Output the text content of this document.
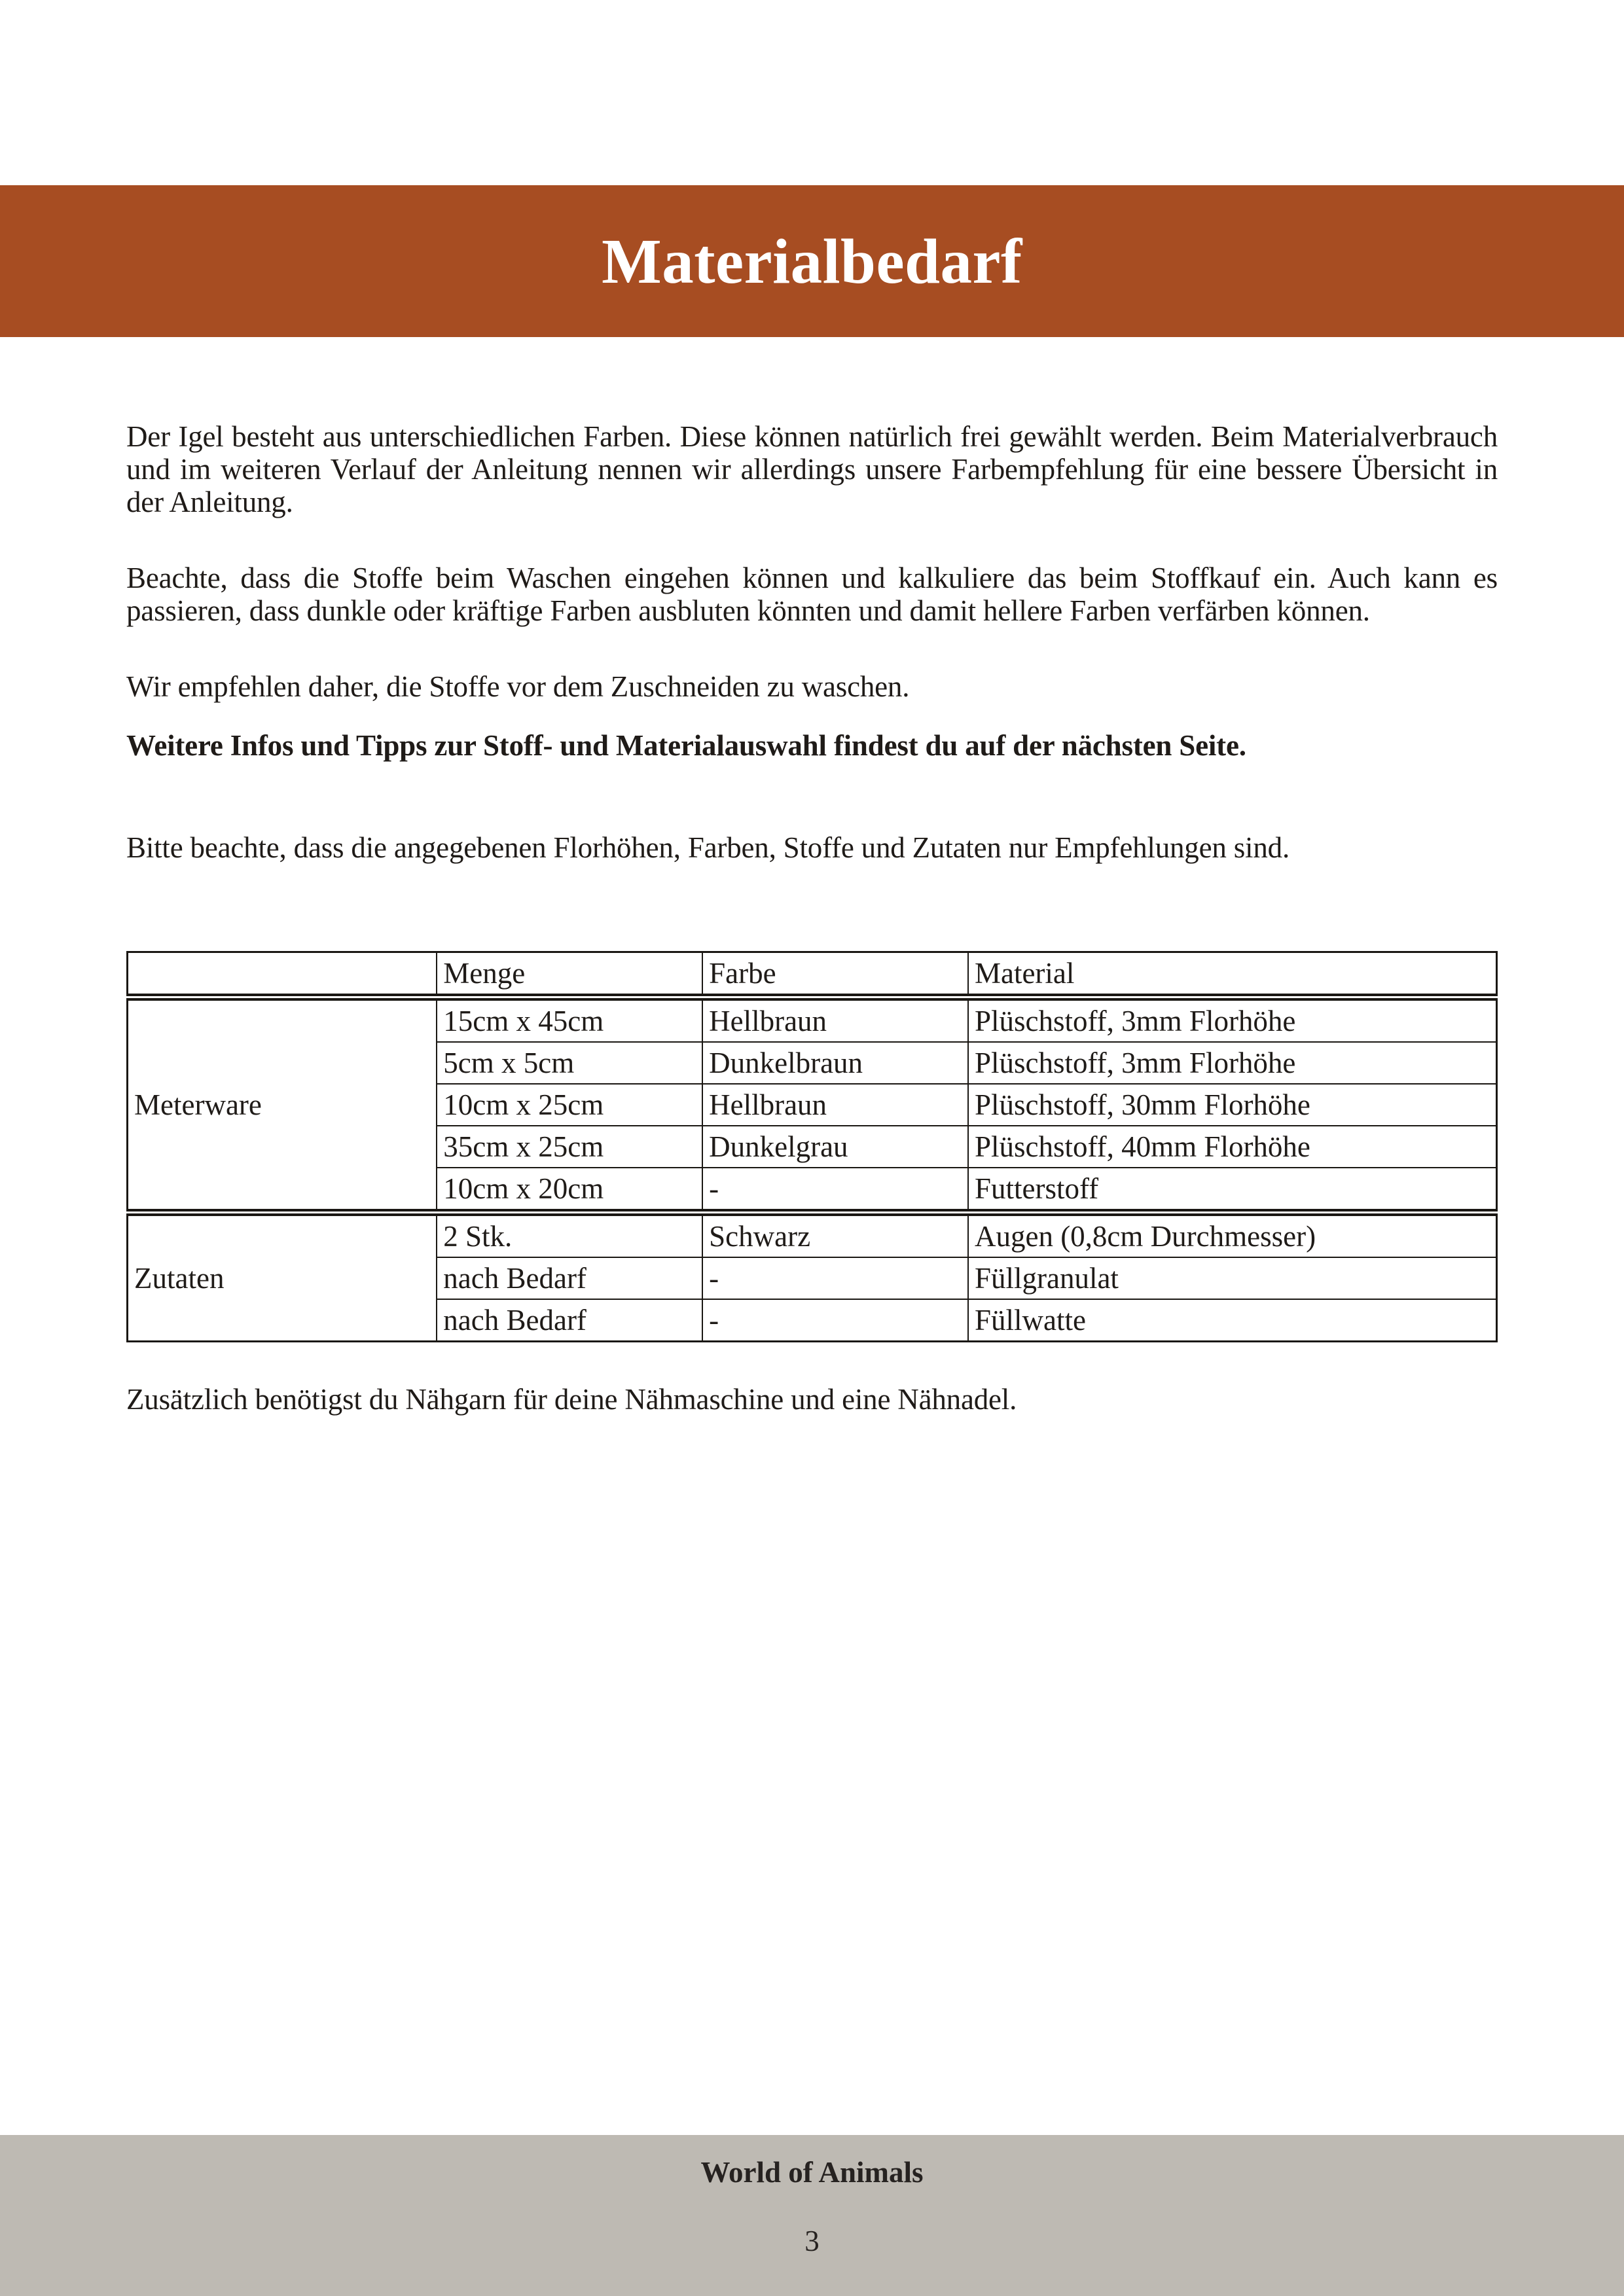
Materialbedarf

Der Igel besteht aus unterschiedlichen Farben. Diese können natürlich frei gewählt werden. Beim Materialverbrauch und im weiteren Verlauf der Anleitung nennen wir allerdings unsere Farbempfehlung für eine bessere Übersicht in der Anleitung.

Beachte, dass die Stoffe beim Waschen eingehen können und kalkuliere das beim Stoffkauf ein. Auch kann es passieren, dass dunkle oder kräftige Farben ausbluten könnten und damit hellere Farben verfärben können.

Wir empfehlen daher, die Stoffe vor dem Zuschneiden zu waschen.

Weitere Infos und Tipps zur Stoff- und Materialauswahl findest du auf der nächsten Seite.

Bitte beachte, dass die angegebenen Florhöhen, Farben, Stoffe und Zutaten nur Empfehlungen sind.

	Menge	Farbe	Material
Meterware	15cm x 45cm	Hellbraun	Plüschstoff, 3mm Florhöhe
	5cm x 5cm	Dunkelbraun	Plüschstoff, 3mm Florhöhe
	10cm x 25cm	Hellbraun	Plüschstoff, 30mm Florhöhe
	35cm x 25cm	Dunkelgrau	Plüschstoff, 40mm Florhöhe
	10cm x 20cm	-	Futterstoff
Zutaten	2 Stk.	Schwarz	Augen (0,8cm Durchmesser)
	nach Bedarf	-	Füllgranulat
	nach Bedarf	-	Füllwatte

Zusätzlich benötigst du Nähgarn für deine Nähmaschine und eine Nähnadel.

World of Animals
3
